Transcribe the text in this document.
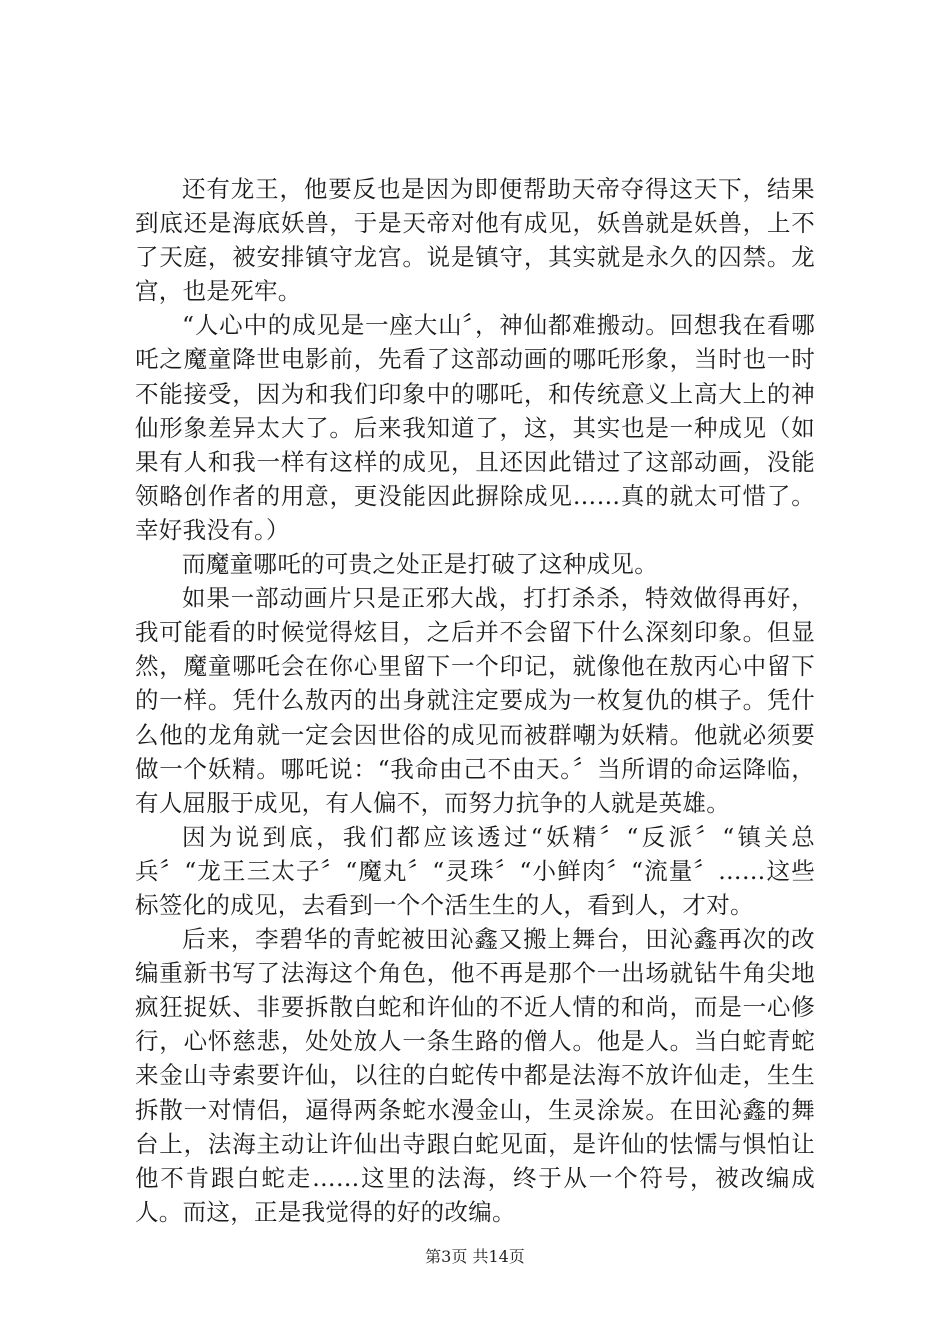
还有龙王，他要反也是因为即便帮助天帝夺得这天下，结果到底还是海底妖兽，于是天帝对他有成见，妖兽就是妖兽，上不了天庭，被安排镇守龙宫。说是镇守，其实就是永久的囚禁。龙宫，也是死牢。

“人心中的成见是一座大山〞，神仙都难搬动。回想我在看哪吒之魔童降世电影前，先看了这部动画的哪吒形象，当时也一时不能接受，因为和我们印象中的哪吒，和传统意义上高大上的神仙形象差异太大了。后来我知道了，这，其实也是一种成见（如果有人和我一样有这样的成见，且还因此错过了这部动画，没能领略创作者的用意，更没能因此摒除成见……真的就太可惜了。幸好我没有。）

而魔童哪吒的可贵之处正是打破了这种成见。

如果一部动画片只是正邪大战，打打杀杀，特效做得再好，我可能看的时候觉得炫目，之后并不会留下什么深刻印象。但显然，魔童哪吒会在你心里留下一个印记，就像他在敖丙心中留下的一样。凭什么敖丙的出身就注定要成为一枚复仇的棋子。凭什么他的龙角就一定会因世俗的成见而被群嘲为妖精。他就必须要做一个妖精。哪吒说：“我命由己不由天。〞当所谓的命运降临，有人屈服于成见，有人偏不，而努力抗争的人就是英雄。

因为说到底，我们都应该透过“妖精〞“反派〞“镇关总兵〞“龙王三太子〞“魔丸〞“灵珠〞“小鲜肉〞“流量〞……这些标签化的成见，去看到一个个活生生的人，看到人，才对。

后来，李碧华的青蛇被田沁鑫又搬上舞台，田沁鑫再次的改编重新书写了法海这个角色，他不再是那个一出场就钻牛角尖地疯狂捉妖、非要拆散白蛇和许仙的不近人情的和尚，而是一心修行，心怀慈悲，处处放人一条生路的僧人。他是人。当白蛇青蛇来金山寺索要许仙，以往的白蛇传中都是法海不放许仙走，生生拆散一对情侣，逼得两条蛇水漫金山，生灵涂炭。在田沁鑫的舞台上，法海主动让许仙出寺跟白蛇见面，是许仙的怯懦与惧怕让他不肯跟白蛇走……这里的法海，终于从一个符号，被改编成人。而这，正是我觉得的好的改编。

第3页 共14页
